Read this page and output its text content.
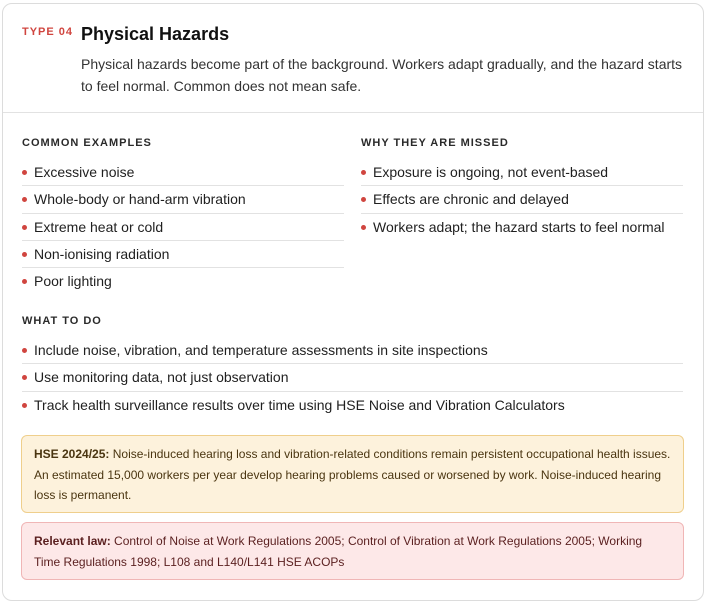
TYPE 04 Physical Hazards

Physical hazards become part of the background. Workers adapt gradually, and the hazard starts to feel normal. Common does not mean safe.

COMMON EXAMPLES
Excessive noise
Whole-body or hand-arm vibration
Extreme heat or cold
Non-ionising radiation
Poor lighting
WHY THEY ARE MISSED
Exposure is ongoing, not event-based
Effects are chronic and delayed
Workers adapt; the hazard starts to feel normal
WHAT TO DO
Include noise, vibration, and temperature assessments in site inspections
Use monitoring data, not just observation
Track health surveillance results over time using HSE Noise and Vibration Calculators
HSE 2024/25: Noise-induced hearing loss and vibration-related conditions remain persistent occupational health issues. An estimated 15,000 workers per year develop hearing problems caused or worsened by work. Noise-induced hearing loss is permanent.
Relevant law: Control of Noise at Work Regulations 2005; Control of Vibration at Work Regulations 2005; Working Time Regulations 1998; L108 and L140/L141 HSE ACOPs
